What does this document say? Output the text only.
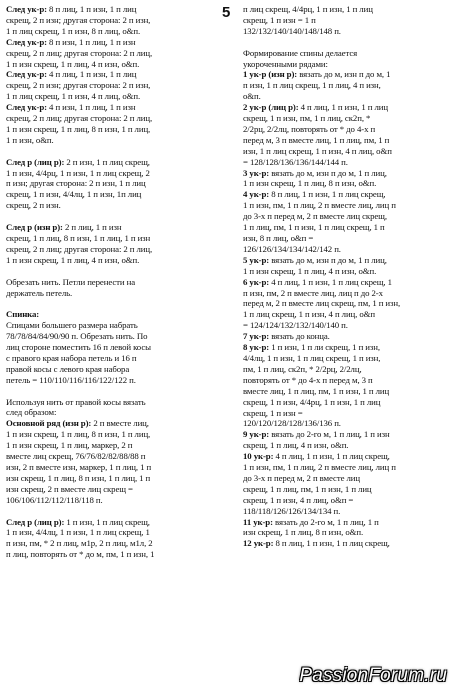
5
След ук-р: 8 п лиц, 1 п изн, 1 п лиц
скрещ, 2 п изн; другая сторона: 2 п изн,
1 п лиц скрещ, 1 п изн, 8 п лиц, о&п.
След ук-р: 8 п изн, 1 п лиц, 1 п изн
скрещ, 2 п лиц; другая сторона: 2 п лиц,
1 п изн скрещ, 1 п лиц, 4 п изн, о&п.
След ук-р: 4 п лиц, 1 п изн, 1 п лиц
скрещ, 2 п изн; другая сторона: 2 п изн,
1 п лиц скрещ, 1 п изн, 4 п лиц, о&п.
След ук-р: 4 п изн, 1 п лиц, 1 п изн
скрещ, 2 п лиц; другая сторона: 2 п лиц,
1 п изн скрещ, 1 п лиц, 8 п изн, 1 п лиц,
1 п изн, о&п.
След р (лиц р): 2 п изн, 1 п лиц скрещ,
1 п изн, 4/4рц, 1 п изн, 1 п лиц скрещ, 2
п изн; другая сторона: 2 п изн, 1 п лиц
скрещ, 1 п изн, 4/4лц, 1 п изн, 1п лиц
скрещ, 2 п изн.
След р (изн р): 2 п лиц, 1 п изн
скрещ, 1 п лиц, 8 п изн, 1 п лиц, 1 п изн
скрещ, 2 п лиц; другая сторона: 2 п лиц,
1 п изн скрещ, 1 п лиц, 4 п изн, о&п.
Обрезать нить. Петли перенести на
держатель петель.
Спинка:
Спицами большего размера набрать
78/78/84/84/90/90 п. Обрезать нить. По
лиц стороне поместить 16 п левой косы
с правого края набора петель и 16 п
правой косы с левого края набора
петель = 110/110/116/116/122/122 п.
Используя нить от правой косы вязать
след образом:
Основной ряд (изн р): 2 п вместе лиц,
1 п изн скрещ, 1 п лиц, 8 п изн, 1 п лиц,
1 п изн скрещ, 1 п лиц, маркер, 2 п
вместе лиц скрещ, 76/76/82/82/88/88 п
изн, 2 п вместе изн, маркер, 1 п лиц, 1 п
изн скрещ, 1 п лиц, 8 п изн, 1 п лиц, 1 п
изн скрещ, 2 п вместе лиц скрещ =
106/106/112/112/118/118 п.
След р (лиц р): 1 п изн, 1 п лиц скрещ,
1 п изн, 4/4лц, 1 п изн, 1 п лиц скрещ, 1
п изн, пм, * 2 п лиц, м1р, 2 п лиц, м1л, 2
п лиц, повторять от * до м, пм, 1 п изн, 1
п лиц скрещ, 4/4рц, 1 п изн, 1 п лиц
скрещ, 1 п изн = 1 п
132/132/140/140/148/148 п.
Формирование спины делается
укороченными рядами:
1 ук-р (изн р): вязать до м, изн п до м, 1
п изн, 1 п лиц скрещ, 1 п лиц, 4 п изн,
о&п.
2 ук-р (лиц р): 4 п лиц, 1 п изн, 1 п лиц
скрещ, 1 п изн, пм, 1 п лиц, ск2п, *
2/2рц, 2/2лц, повторять от * до 4-х п
перед м, 3 п вместе лиц, 1 п лиц, пм, 1 п
изн, 1 п лиц скрещ, 1 п изн, 4 п лиц, о&п
= 128/128/136/136/144/144 п.
3 ук-р: вязать до м, изн п до м, 1 п лиц,
1 п изн скрещ, 1 п лиц, 8 п изн, о&п.
4 ук-р: 8 п лиц, 1 п изн, 1 п лиц скрещ,
1 п изн, пм, 1 п лиц, 2 п вместе лиц, лиц п
до 3-х п перед м, 2 п вместе лиц скрещ,
1 п лиц, пм, 1 п изн, 1 п лиц скрещ, 1 п
изн, 8 п лиц, о&п =
126/126/134/134/142/142 п.
5 ук-р: вязать до м, изн п до м, 1 п лиц,
1 п изн скрещ, 1 п лиц, 4 п изн, о&п.
6 ук-р: 4 п лиц, 1 п изн, 1 п лиц скрещ, 1
п изн, пм, 2 п вместе лиц, лиц п до 2-х
перед м, 2 п вместе лиц скрещ, пм, 1 п изн,
1 п лиц скрещ, 1 п изн, 4 п лиц, о&п
= 124/124/132/132/140/140 п.
7 ук-р: вязать до конца.
8 ук-р: 1 п изн, 1 п ли скрещ, 1 п изн,
4/4лц, 1 п изн, 1 п лиц скрещ, 1 п изн,
пм, 1 п лиц, ск2п, * 2/2рц, 2/2лц,
повторять от * до 4-х п перед м, 3 п
вместе лиц, 1 п лиц, пм, 1 п изн, 1 п лиц
скрещ, 1 п изн, 4/4рц, 1 п изн, 1 п лиц
скрещ, 1 п изн =
120/120/128/128/136/136 п.
9 ук-р: вязать до 2-го м, 1 п лиц, 1 п изн
скрещ, 1 п лиц, 4 п изн, о&п.
10 ук-р: 4 п лиц, 1 п изн, 1 п лиц скрещ,
1 п изн, пм, 1 п лиц, 2 п вместе лиц, лиц п
до 3-х п перед м, 2 п вместе лиц
скрещ, 1 п лиц, пм, 1 п изн, 1 п лиц
скрещ, 1 п изн, 4 п лиц, о&п =
118/118/126/126/134/134 п.
11 ук-р: вязать до 2-го м, 1 п лиц, 1 п
изн скрещ, 1 п лиц, 8 п изн, о&п.
12 ук-р: 8 п лиц, 1 п изн, 1 п лиц скрещ,
PassionForum.ru
